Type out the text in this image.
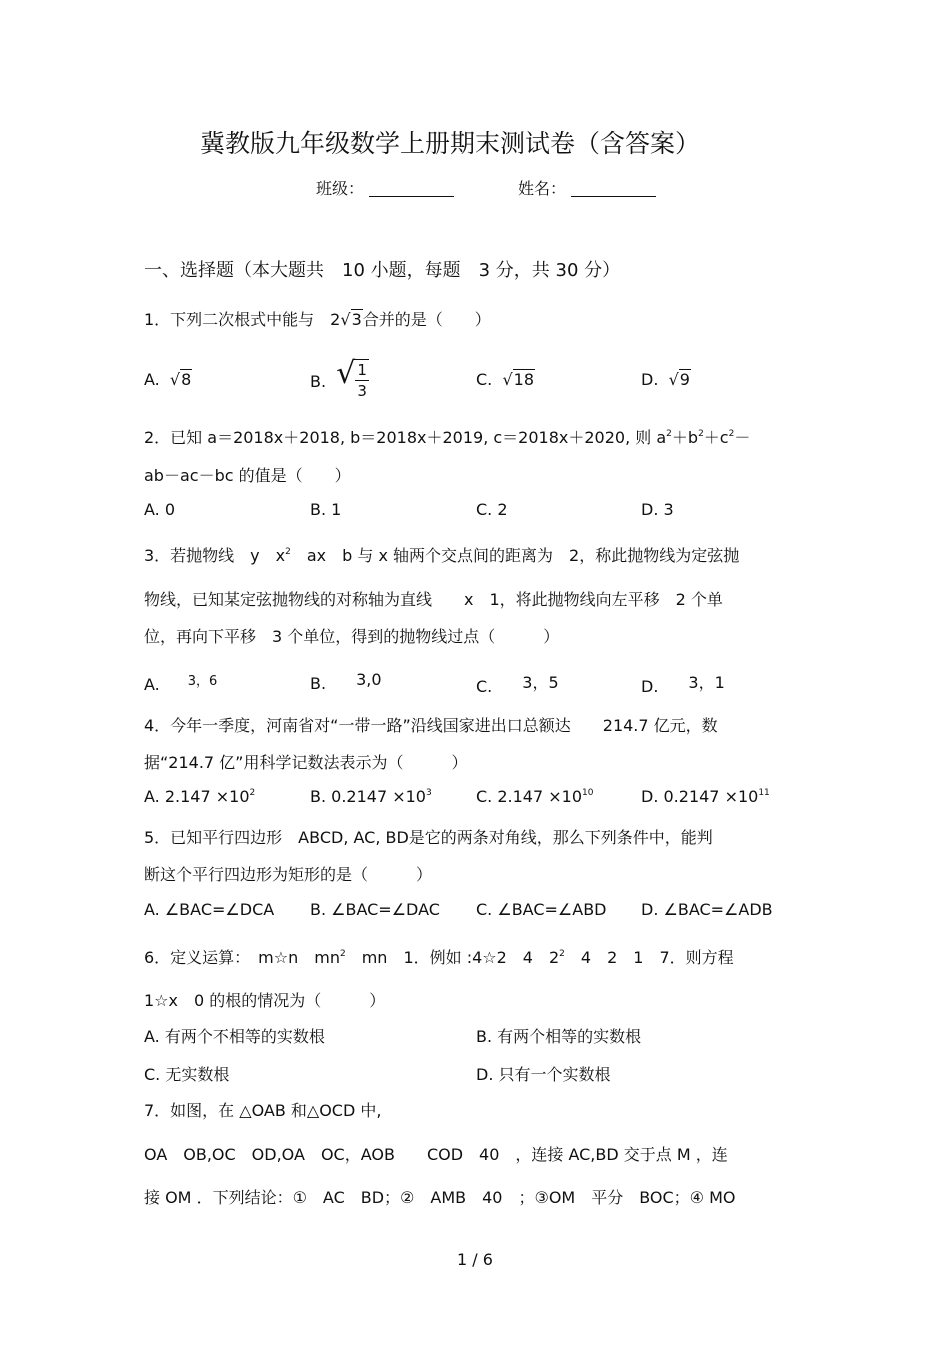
冀教版九年级数学上册期末测试卷（含答案）
班级：	姓名：
一、选择题（本大题共　10 小题，每题　3 分，共 30 分）
1．下列二次根式中能与　2√ 3 合并的是（　　）
A. √ 8	B. √ $\frac{1}{3}$	C. √ 18	D. √ 9
2．已知 a＝2018x＋2018, b＝2018x＋2019, c＝2018x＋2020, 则 $a^2+b^2+c^2-$
ab－ac－bc 的值是（　　）
A. 0	B. 1	C. 2	D. 3
3．若抛物线　y　$x^2$　ax　b 与 x 轴两个交点间的距离为　2，称此抛物线为定弦抛
物线，已知某定弦抛物线的对称轴为直线　　x　1，将此抛物线向左平移　2 个单
位，再向下平移　3 个单位，得到的抛物线过点（　　　）
A. $^{3,6}$	B. 3,0	C. 3，5	D. 3，1
4．今年一季度，河南省对“一带一路”沿线国家进出口总额达　　214.7 亿元，数
据“214.7 亿”用科学记数法表示为（　　　）
A. $2.147 \times 10^2$	B. $0.2147 \times 10^3$	C. $2.147 \times 10^{10}$	D. $0.2147 \times 10^{11}$
5．已知平行四边形　ABCD, AC, BD是它的两条对角线，那么下列条件中，能判
断这个平行四边形为矩形的是（　　　）
A. ∠BAC=∠DCA B. ∠BAC=∠DAC C. ∠BAC=∠ABD D. ∠BAC=∠ADB
6．定义运算：　m☆n　$mn^2$　mn　1．例如 :4☆2　4　$2^2$　4　2　1　7．则方程
1☆x　0 的根的情况为（　　　）
A. 有两个不相等的实数根	B. 有两个相等的实数根
C. 无实数根	D. 只有一个实数根
7．如图，在 △OAB 和△OCD 中,
OA　OB,OC　OD,OA　OC，AOB　　COD　40　，连接 AC,BD 交于点 M ，连
接 OM ．下列结论：①　AC　BD；②　AMB　40　；③OM　平分　BOC；④ MO
1 / 6
